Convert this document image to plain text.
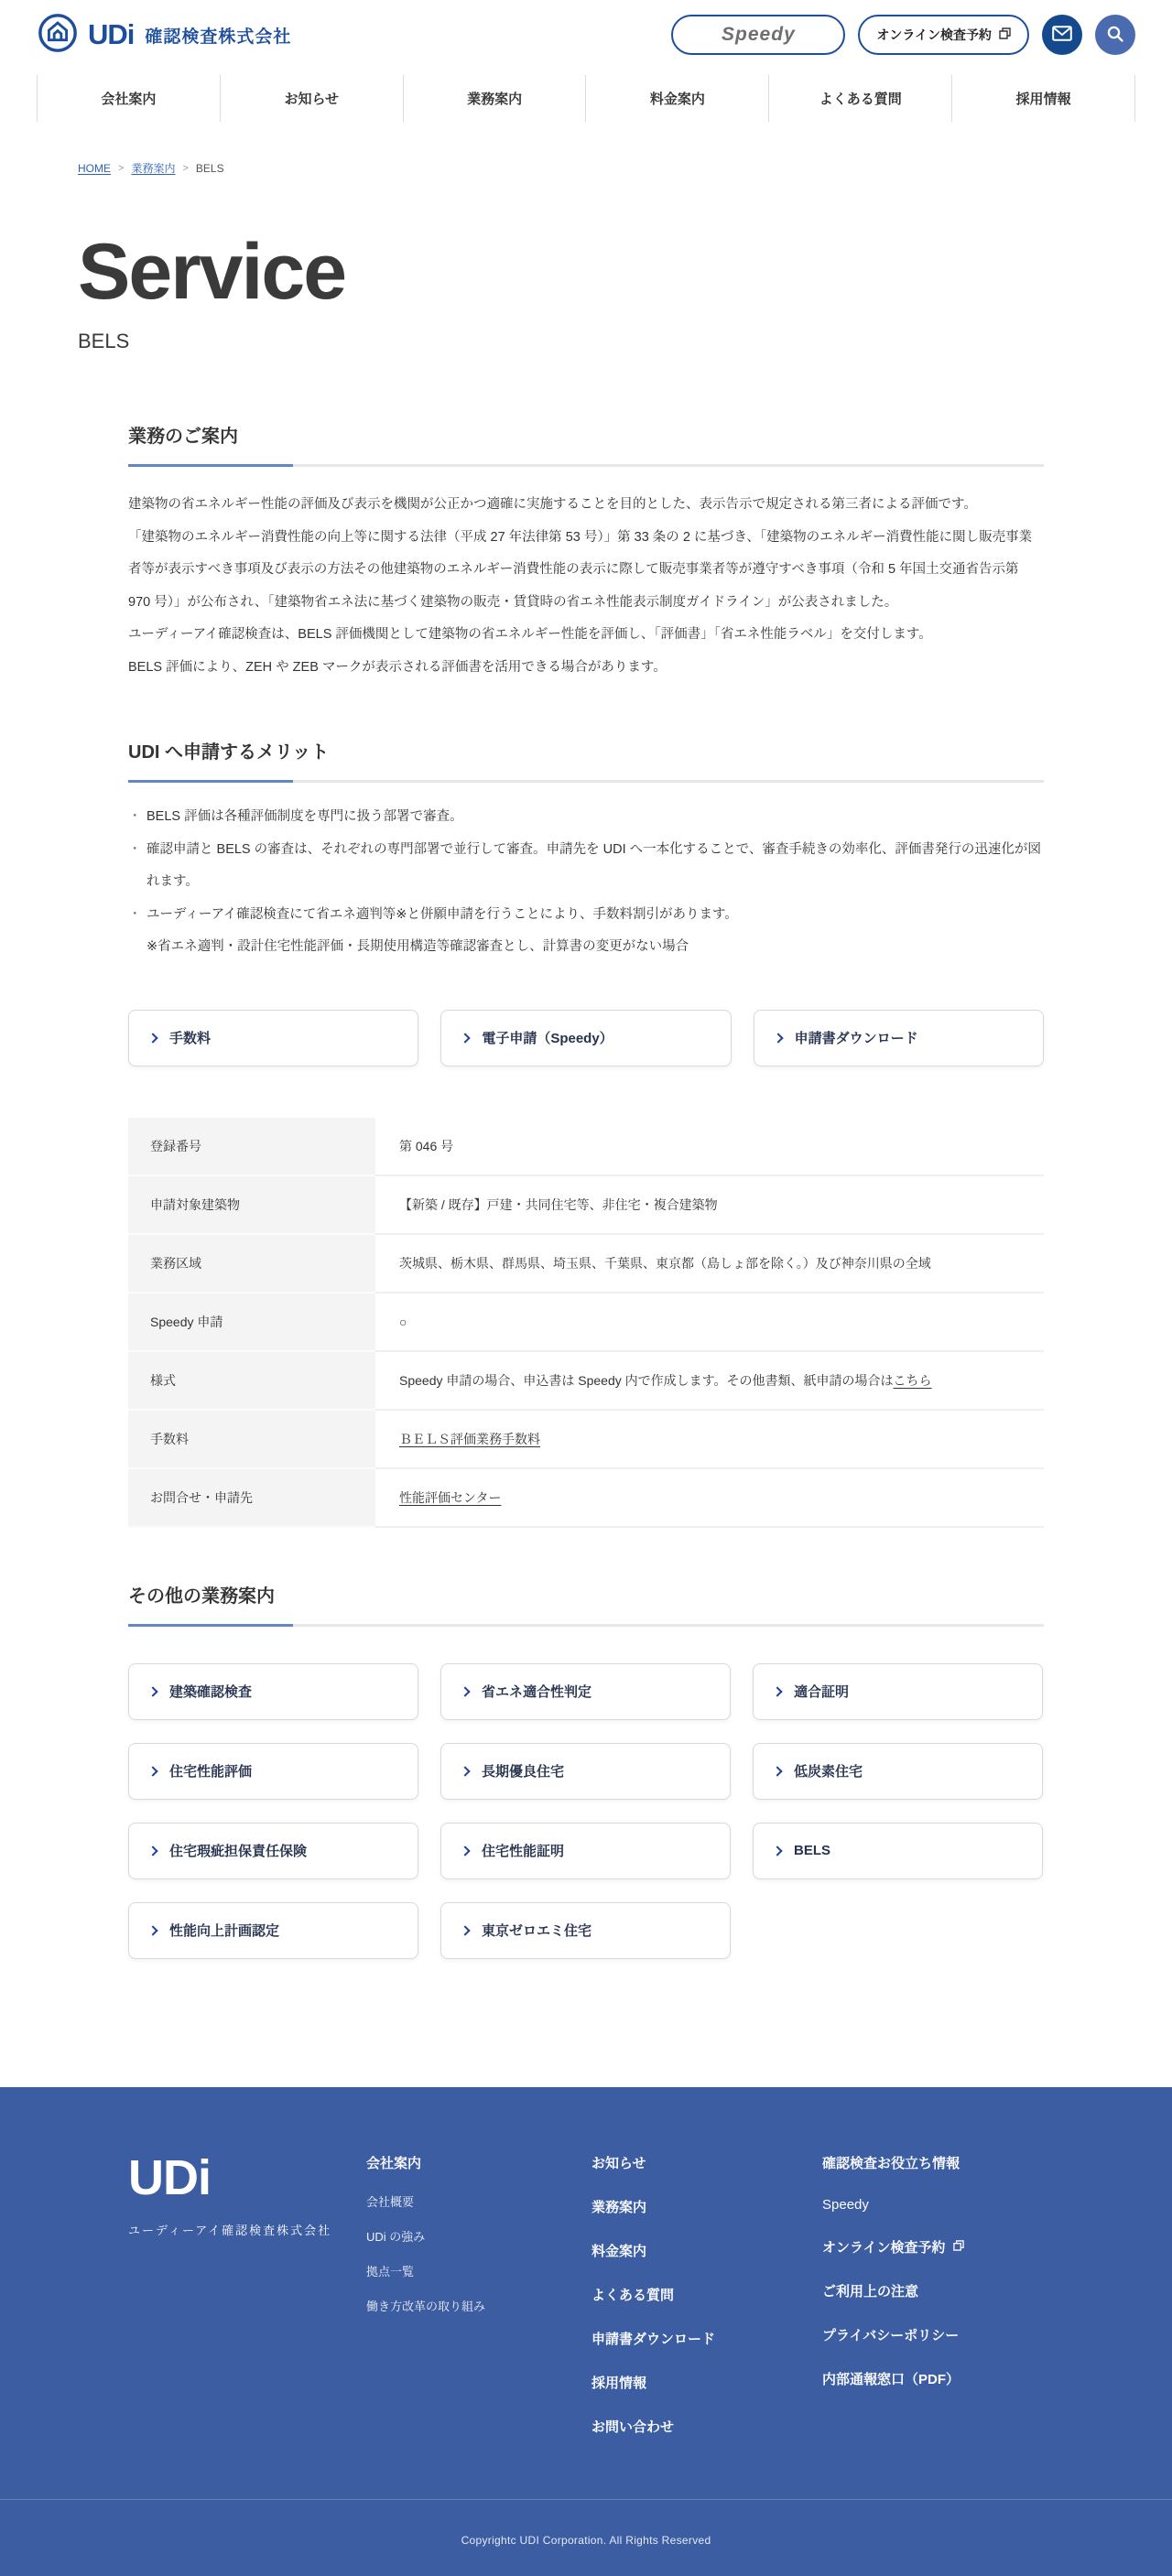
UDi 確認検査株式会社	Speedy	オンライン検査予約
会社案内	お知らせ	業務案内	料金案内	よくある質問	採用情報
HOME > 業務案内 > BELS
Service
BELS
業務のご案内

建築物の省エネルギー性能の評価及び表示を機関が公正かつ適確に実施することを目的とした、表示告示で規定される第三者による評価です。

「建築物のエネルギー消費性能の向上等に関する法律（平成 27 年法律第 53 号）」第 33 条の 2 に基づき、「建築物のエネルギー消費性能に関し販売事業者等が表示すべき事項及び表示の方法その他建築物のエネルギー消費性能の表示に際して販売事業者等が遵守すべき事項（令和 5 年国土交通省告示第 970 号）」が公布され、「建築物省エネ法に基づく建築物の販売・賃貸時の省エネ性能表示制度ガイドライン」が公表されました。

ユーディーアイ確認検査は、BELS 評価機関として建築物の省エネルギー性能を評価し、「評価書」「省エネ性能ラベル」を交付します。

BELS 評価により、ZEH や ZEB マークが表示される評価書を活用できる場合があります。

UDI へ申請するメリット
・ BELS 評価は各種評価制度を専門に扱う部署で審査。
・ 確認申請と BELS の審査は、それぞれの専門部署で並行して審査。申請先を UDI へ一本化することで、審査手続きの効率化、評価書発行の迅速化が図れます。
・ ユーディーアイ確認検査にて省エネ適判等※と併願申請を行うことにより、手数料割引があります。
※省エネ適判・設計住宅性能評価・長期使用構造等確認審査とし、計算書の変更がない場合
手数料	電子申請（Speedy）	申請書ダウンロード
登録番号	第 046 号
申請対象建築物	【新築 / 既存】戸建・共同住宅等、非住宅・複合建築物
業務区域	茨城県、栃木県、群馬県、埼玉県、千葉県、東京都（島しょ部を除く。）及び神奈川県の全域
Speedy 申請	○
様式	Speedy 申請の場合、申込書は Speedy 内で作成します。その他書類、紙申請の場合は こちら
手数料	ＢＥＬＳ評価業務手数料
お問合せ・申請先	性能評価センター
その他の業務案内
建築確認検査	省エネ適合性判定	適合証明
住宅性能評価	長期優良住宅	低炭素住宅
住宅瑕疵担保責任保険	住宅性能証明	BELS
性能向上計画認定	東京ゼロエミ住宅
UDi
ユーディーアイ確認検査株式会社
会社案内
会社概要
UDi の強み
拠点一覧
働き方改革の取り組み
お知らせ
業務案内
料金案内
よくある質問
申請書ダウンロード
採用情報
お問い合わせ
確認検査お役立ち情報
Speedy
オンライン検査予約
ご利用上の注意
プライバシーポリシー
内部通報窓口（PDF）
Copyrightc UDI Corporation. All Rights Reserved
